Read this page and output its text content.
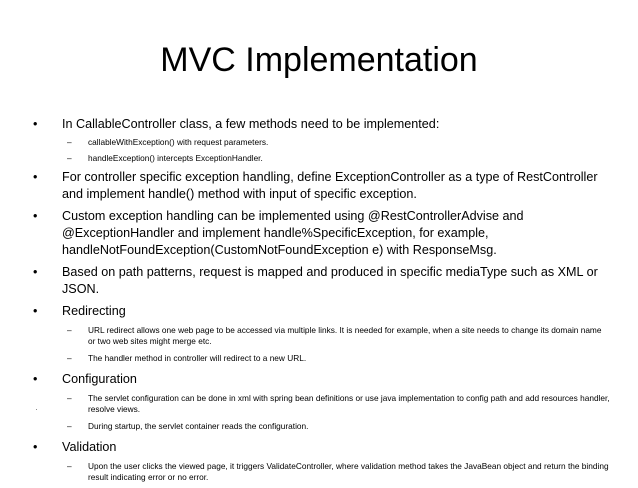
MVC Implementation
• In CallableController class, a few methods need to be implemented:
– callableWithException() with request parameters.
– handleException() intercepts ExceptionHandler.
• For controller specific exception handling, define ExceptionController as a type of RestController and implement handle() method with input of specific exception.
• Custom exception handling can be implemented using @RestControllerAdvise and @ExceptionHandler and implement handle%SpecificException, for example, handleNotFoundException(CustomNotFoundException e) with ResponseMsg.
• Based on path patterns, request is mapped and produced in specific mediaType such as XML or JSON.
• Redirecting
– URL redirect allows one web page to be accessed via multiple links. It is needed for example, when a site needs to change its domain name or two web sites might merge etc.
– The handler method in controller will redirect to a new URL.
• Configuration
– The servlet configuration can be done in xml with spring bean definitions or use java implementation to config path and add resources handler, resolve views.
– During startup, the servlet container reads the configuration.
• Validation
– Upon the user clicks the viewed page, it triggers ValidateController, where validation method takes the JavaBean object and return the binding result indicating error or no error.
